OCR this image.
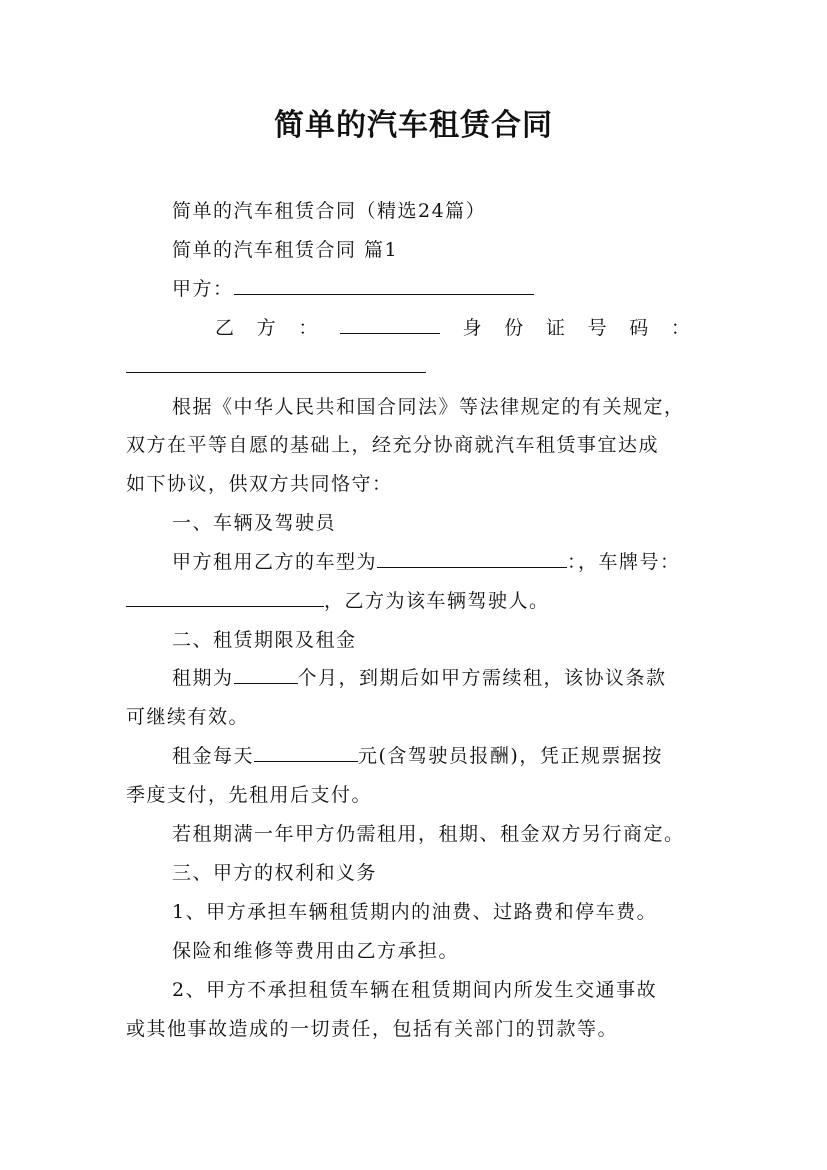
简单的汽车租赁合同
简单的汽车租赁合同（精选24篇）
简单的汽车租赁合同 篇1
甲方：
乙 方 ：	身 份 证 号 码 ：
根据《中华人民共和国合同法》等法律规定的有关规定，
双方在平等自愿的基础上，经充分协商就汽车租赁事宜达成
如下协议，供双方共同恪守：
一、车辆及驾驶员
甲方租用乙方的车型为	：，车牌号：
，乙方为该车辆驾驶人。
二、租赁期限及租金
租期为	个月，到期后如甲方需续租，该协议条款
可继续有效。
租金每天	元(含驾驶员报酬)，凭正规票据按
季度支付，先租用后支付。
若租期满一年甲方仍需租用，租期、租金双方另行商定。
三、甲方的权利和义务
1、甲方承担车辆租赁期内的油费、过路费和停车费。
保险和维修等费用由乙方承担。
2、甲方不承担租赁车辆在租赁期间内所发生交通事故
或其他事故造成的一切责任，包括有关部门的罚款等。
